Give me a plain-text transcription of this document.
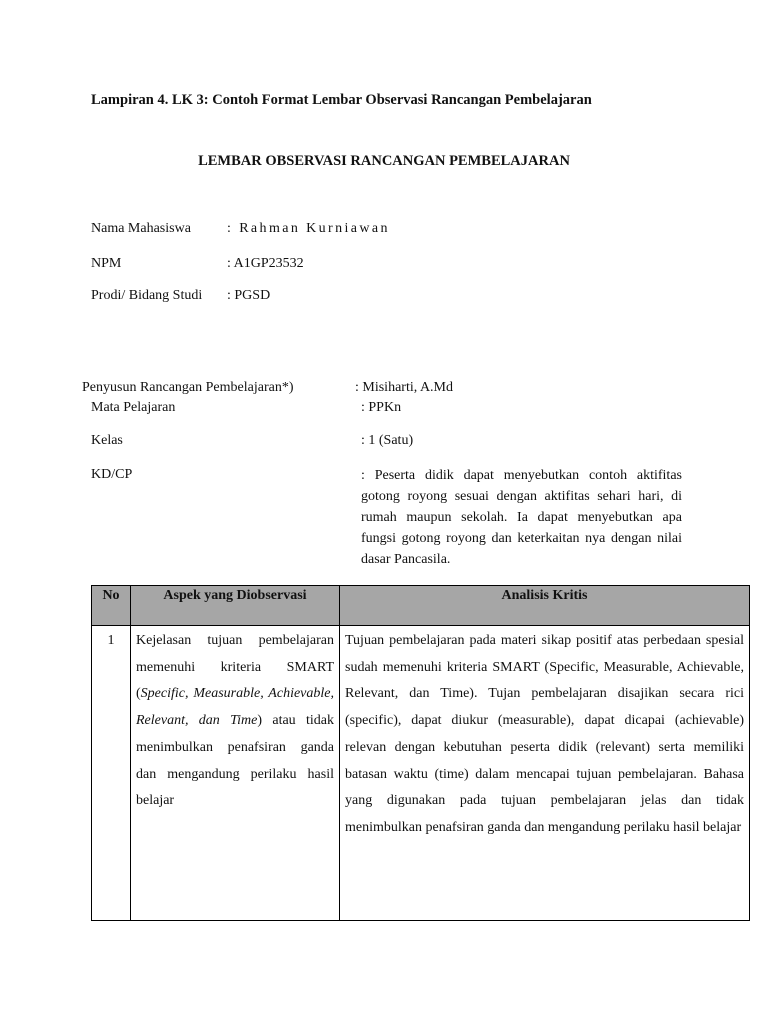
Lampiran 4. LK 3: Contoh Format Lembar Observasi Rancangan Pembelajaran
LEMBAR OBSERVASI RANCANGAN PEMBELAJARAN
Nama Mahasiswa	: Rahman Kurniawan
NPM	: A1GP23532
Prodi/ Bidang Studi : PGSD
Penyusun Rancangan Pembelajaran*)	: Misiharti, A.Md
Mata Pelajaran	: PPKn
Kelas	: 1 (Satu)
KD/CP	: Peserta didik dapat menyebutkan contoh aktifitas gotong royong sesuai dengan aktifitas sehari hari, di rumah maupun sekolah. Ia dapat menyebutkan apa fungsi gotong royong dan keterkaitan nya dengan nilai dasar Pancasila.
No	Aspek yang Diobservasi	Analisis Kritis
1	Kejelasan tujuan pembelajaran memenuhi kriteria SMART (Specific, Measurable, Achievable, Relevant, dan Time) atau tidak menimbulkan penafsiran ganda dan mengandung perilaku hasil belajar	Tujuan pembelajaran pada materi sikap positif atas perbedaan spesial sudah memenuhi kriteria SMART (Specific, Measurable, Achievable, Relevant, dan Time). Tujan pembelajaran disajikan secara rici (specific), dapat diukur (measurable), dapat dicapai (achievable) relevan dengan kebutuhan peserta didik (relevant) serta memiliki batasan waktu (time) dalam mencapai tujuan pembelajaran. Bahasa yang digunakan pada tujuan pembelajaran jelas dan tidak menimbulkan penafsiran ganda dan mengandung perilaku hasil belajar
